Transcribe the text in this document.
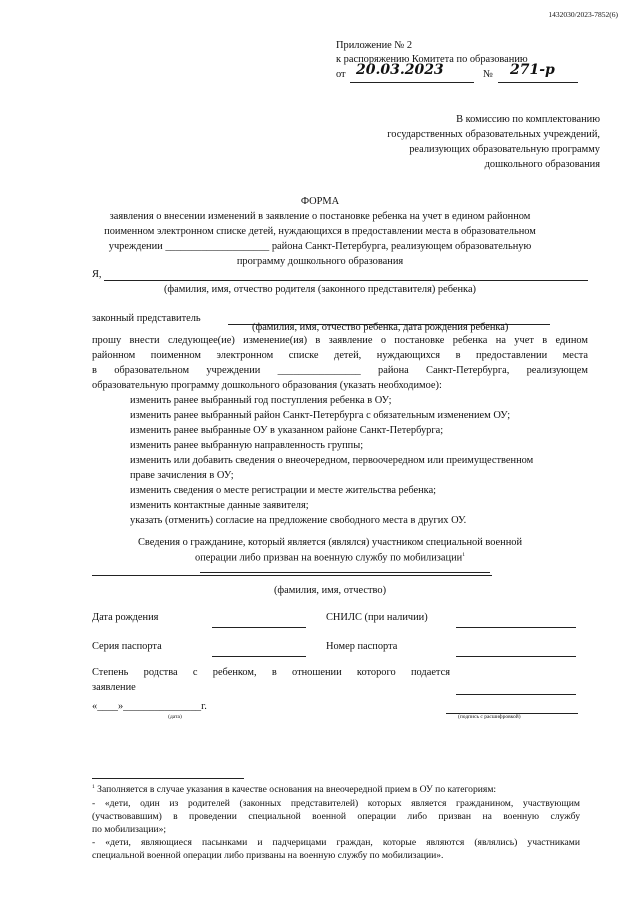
1432030/2023-7852(6)
Приложение № 2
к распоряжению Комитета по образованию
от 20.03.2023	№ 271-р
В комиссию по комплектованию
государственных образовательных учреждений,
реализующих образовательную программу
дошкольного образования
ФОРМА
заявления о внесении изменений в заявление о постановке ребенка на учет в едином районном
поименном электронном списке детей, нуждающихся в предоставлении места в образовательном
учреждении ____________________ района Санкт-Петербурга, реализующем образовательную
программу дошкольного образования
Я,
(фамилия, имя, отчество родителя (законного представителя) ребенка)
законный представитель
(фамилия, имя, отчество ребенка, дата рождения ребенка)
прошу внести следующее(ие) изменение(ия) в заявление о постановке ребенка на учет в едином
районном поименном электронном списке детей, нуждающихся в предоставлении места
в образовательном учреждении ________________ района Санкт-Петербурга, реализующем
образовательную программу дошкольного образования (указать необходимое):
изменить ранее выбранный год поступления ребенка в ОУ;
изменить ранее выбранный район Санкт-Петербурга с обязательным изменением ОУ;
изменить ранее выбранные ОУ в указанном районе Санкт-Петербурга;
изменить ранее выбранную направленность группы;
изменить или добавить сведения о внеочередном, первоочередном или преимущественном
праве зачисления в ОУ;
изменить сведения о месте регистрации и месте жительства ребенка;
изменить контактные данные заявителя;
указать (отменить) согласие на предложение свободного места в других ОУ.
Сведения о гражданине, который является (являлся) участником специальной военной
операции либо призван на военную службу по мобилизации$^1$
(фамилия, имя, отчество)
Дата рождения	СНИЛС (при наличии)
Серия паспорта	Номер паспорта
Степень родства с ребенком, в отношении которого подается
заявление
«____»_______________г.
(дата)	(подпись с расшифровкой)
$^1$ Заполняется в случае указания в качестве основания на внеочередной прием в ОУ по категориям:
- «дети, один из родителей (законных представителей) которых является гражданином, участвующим
(участвовавшим) в проведении специальной военной операции либо призван на военную службу
по мобилизации»;
- «дети, являющиеся пасынками и падчерицами граждан, которые являются (являлись) участниками
специальной военной операции либо призваны на военную службу по мобилизации».
